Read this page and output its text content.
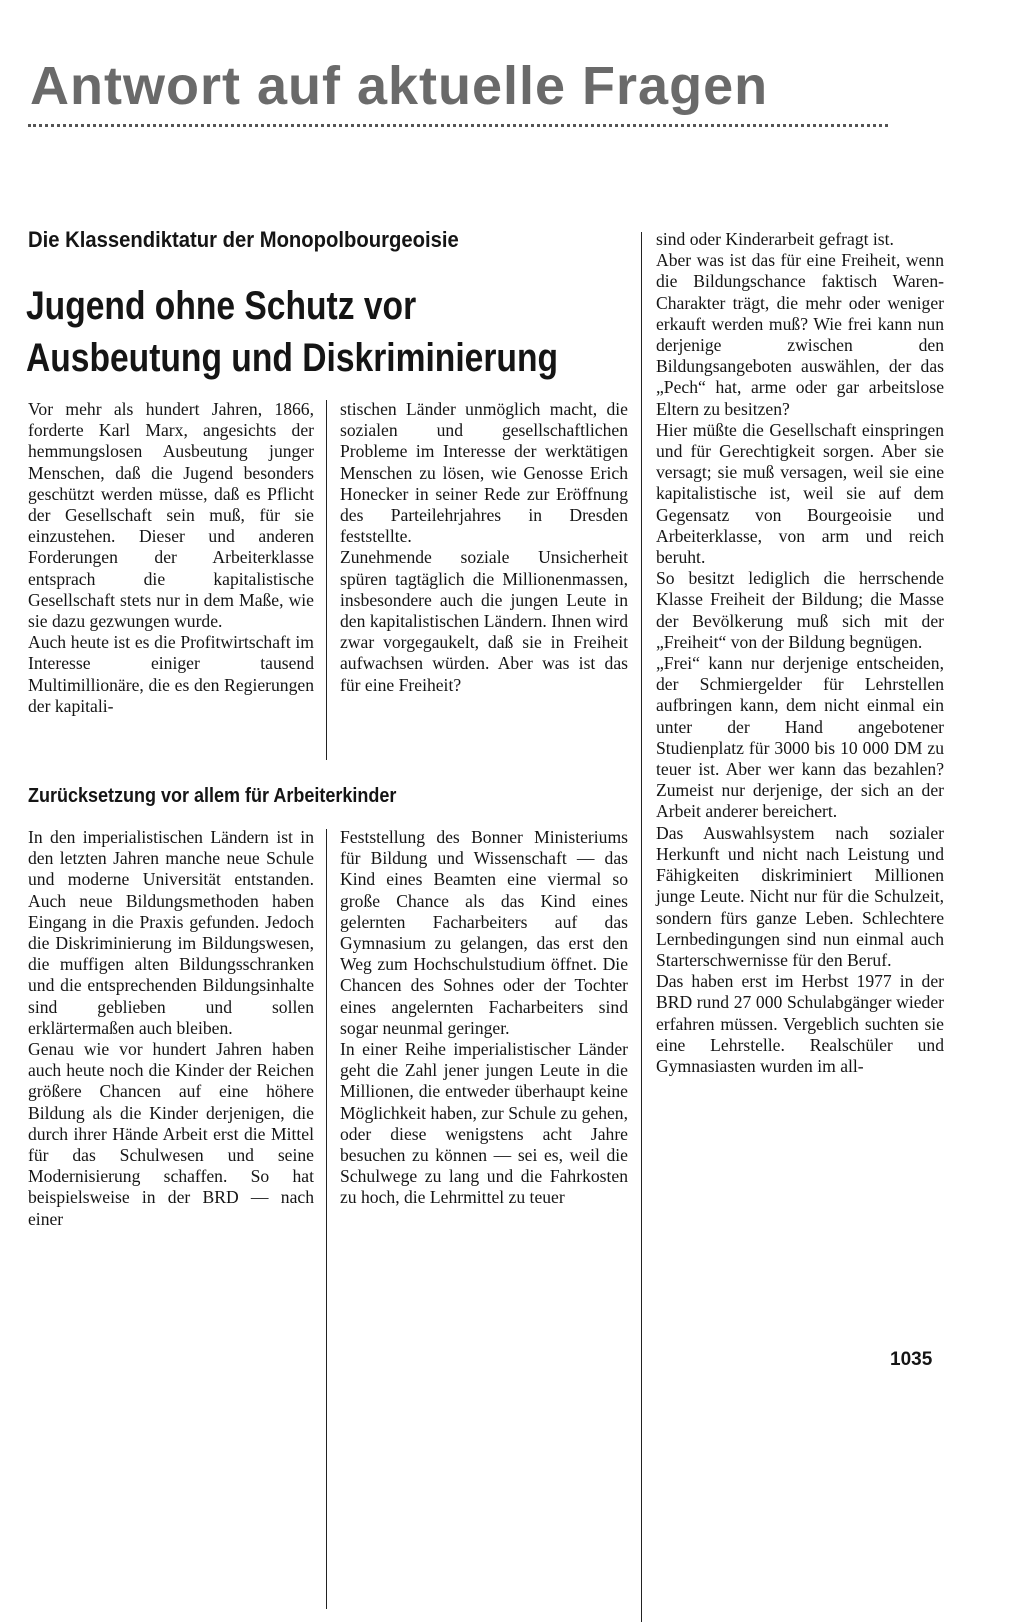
Antwort auf aktuelle Fragen
Die Klassendiktatur der Monopolbourgeoisie
Jugend ohne Schutz vor
Ausbeutung und Diskriminierung

Vor mehr als hundert Jahren, 1866, forderte Karl Marx, angesichts der hemmungslosen Ausbeutung junger Menschen, daß die Jugend besonders geschützt werden müsse, daß es Pflicht der Gesellschaft sein muß, für sie einzustehen. Dieser und anderen Forderungen der Arbeiterklasse entsprach die kapitalistische Gesellschaft stets nur in dem Maße, wie sie dazu gezwungen wurde.

Auch heute ist es die Profitwirtschaft im Interesse einiger tausend Multimillionäre, die es den Regierungen der kapitali-

stischen Länder unmöglich macht, die sozialen und gesellschaftlichen Probleme im Interesse der werktätigen Menschen zu lösen, wie Genosse Erich Honecker in seiner Rede zur Eröffnung des Parteilehrjahres in Dresden feststellte.

Zunehmende soziale Unsicherheit spüren tagtäglich die Millionenmassen, insbesondere auch die jungen Leute in den kapitalistischen Ländern. Ihnen wird zwar vorgegaukelt, daß sie in Freiheit aufwachsen würden. Aber was ist das für eine Freiheit?

Zurücksetzung vor allem für Arbeiterkinder

In den imperialistischen Ländern ist in den letzten Jahren manche neue Schule und moderne Universität entstanden. Auch neue Bildungsmethoden haben Eingang in die Praxis gefunden. Jedoch die Diskriminierung im Bildungswesen, die muffigen alten Bildungsschranken und die entsprechenden Bildungsinhalte sind geblieben und sollen erklärtermaßen auch bleiben.

Genau wie vor hundert Jahren haben auch heute noch die Kinder der Reichen größere Chancen auf eine höhere Bildung als die Kinder derjenigen, die durch ihrer Hände Arbeit erst die Mittel für das Schulwesen und seine Modernisierung schaffen. So hat beispielsweise in der BRD — nach einer

Feststellung des Bonner Ministeriums für Bildung und Wissenschaft — das Kind eines Beamten eine viermal so große Chance als das Kind eines gelernten Facharbeiters auf das Gymnasium zu gelangen, das erst den Weg zum Hochschulstudium öffnet. Die Chancen des Sohnes oder der Tochter eines angelernten Facharbeiters sind sogar neunmal geringer.

In einer Reihe imperialistischer Länder geht die Zahl jener jungen Leute in die Millionen, die entweder überhaupt keine Möglichkeit haben, zur Schule zu gehen, oder diese wenigstens acht Jahre besuchen zu können — sei es, weil die Schulwege zu lang und die Fahrkosten zu hoch, die Lehrmittel zu teuer

sind oder Kinderarbeit gefragt ist.

Aber was ist das für eine Freiheit, wenn die Bildungschance faktisch Waren-Charakter trägt, die mehr oder weniger erkauft werden muß? Wie frei kann nun derjenige zwischen den Bildungsangeboten auswählen, der das „Pech“ hat, arme oder gar arbeitslose Eltern zu besitzen?

Hier müßte die Gesellschaft einspringen und für Gerechtigkeit sorgen. Aber sie versagt; sie muß versagen, weil sie eine kapitalistische ist, weil sie auf dem Gegensatz von Bourgeoisie und Arbeiterklasse, von arm und reich beruht.

So besitzt lediglich die herrschende Klasse Freiheit der Bildung; die Masse der Bevölkerung muß sich mit der „Freiheit“ von der Bildung begnügen.

„Frei“ kann nur derjenige entscheiden, der Schmiergelder für Lehrstellen aufbringen kann, dem nicht einmal ein unter der Hand angebotener Studienplatz für 3000 bis 10 000 DM zu teuer ist. Aber wer kann das bezahlen? Zumeist nur derjenige, der sich an der Arbeit anderer bereichert.

Das Auswahlsystem nach sozialer Herkunft und nicht nach Leistung und Fähigkeiten diskriminiert Millionen junge Leute. Nicht nur für die Schulzeit, sondern fürs ganze Leben. Schlechtere Lernbedingungen sind nun einmal auch Starterschwernisse für den Beruf.

Das haben erst im Herbst 1977 in der BRD rund 27 000 Schulabgänger wieder erfahren müssen. Vergeblich suchten sie eine Lehrstelle. Realschüler und Gymnasiasten wurden im all-

1035
